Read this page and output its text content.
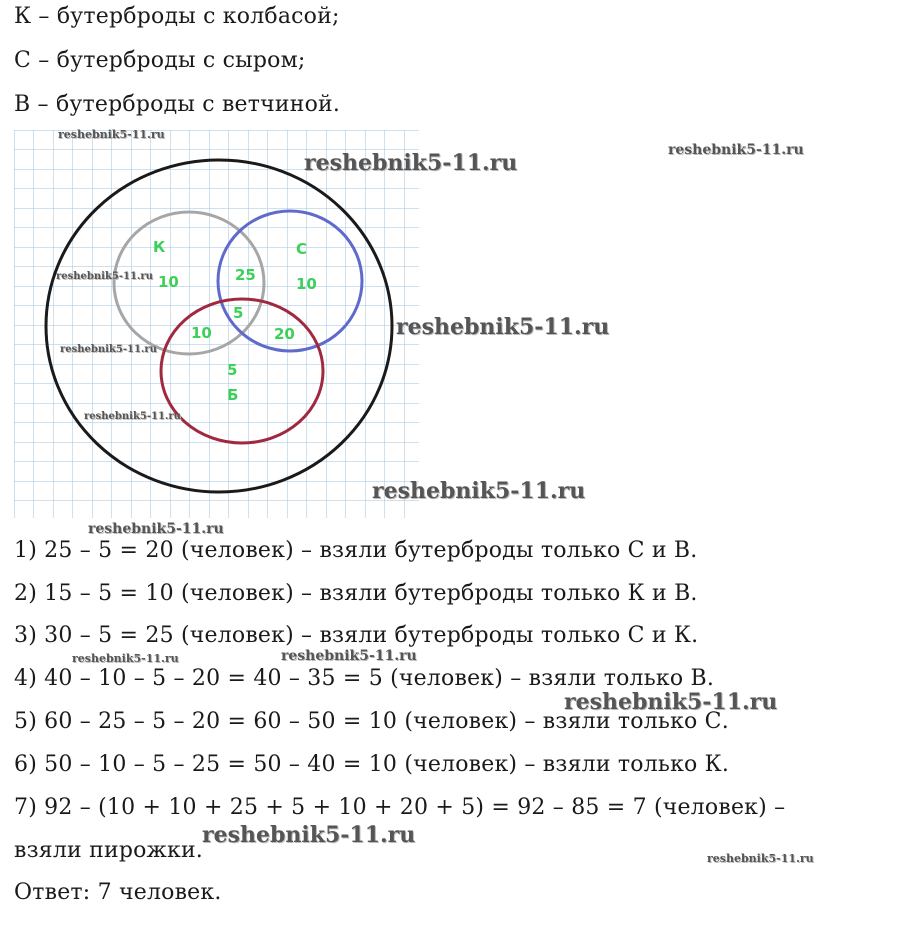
К – бутерброды с колбасой;
С – бутерброды с сыром;
В – бутерброды с ветчиной.
К
10
С
10
25
5
10	20
5
Б
1) 25 – 5 = 20 (человек) – взяли бутерброды только С и В.
2) 15 – 5 = 10 (человек) – взяли бутерброды только К и В.
3) 30 – 5 = 25 (человек) – взяли бутерброды только С и К.
4) 40 – 10 – 5 – 20 = 40 – 35 = 5 (человек) – взяли только В.
5) 60 – 25 – 5 – 20 = 60 – 50 = 10 (человек) – взяли только С.
6) 50 – 10 – 5 – 25 = 50 – 40 = 10 (человек) – взяли только К.
7) 92 – (10 + 10 + 25 + 5 + 10 + 20 + 5) = 92 – 85 = 7 (человек) –
взяли пирожки.
Ответ: 7 человек.
reshebnik5-11.ru
reshebnik5-11.ru	reshebnik5-11.ru
reshebnik5-11.ru
reshebnik5-11.ru
reshebnik5-11.ru
reshebnik5-11.ru
reshebnik5-11.ru
reshebnik5-11.ru
reshebnik5-11.ru	reshebnik5-11.ru
reshebnik5-11.ru
reshebnik5-11.ru
reshebnik5-11.ru
